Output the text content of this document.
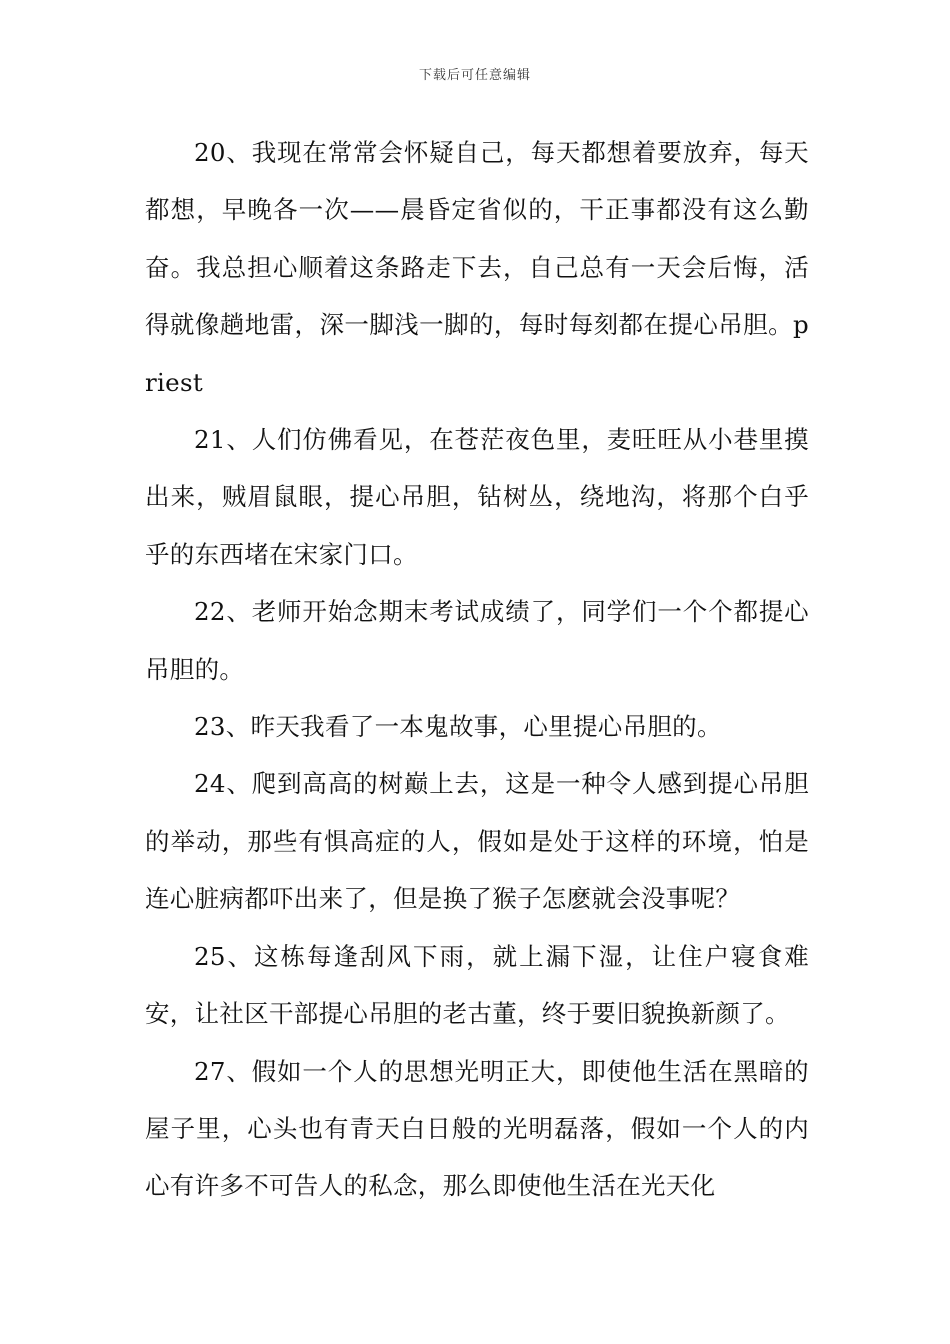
下载后可任意编辑

20、我现在常常会怀疑自己，每天都想着要放弃，每天都想，早晚各一次——晨昏定省似的，干正事都没有这么勤奋。我总担心顺着这条路走下去，自己总有一天会后悔，活得就像趟地雷，深一脚浅一脚的，每时每刻都在提心吊胆。priest

21、人们仿佛看见，在苍茫夜色里，麦旺旺从小巷里摸出来，贼眉鼠眼，提心吊胆，钻树丛，绕地沟，将那个白乎乎的东西堵在宋家门口。

22、老师开始念期末考试成绩了，同学们一个个都提心吊胆的。

23、昨天我看了一本鬼故事，心里提心吊胆的。

24、爬到高高的树巅上去，这是一种令人感到提心吊胆的举动，那些有惧高症的人，假如是处于这样的环境，怕是连心脏病都吓出来了，但是换了猴子怎麽就会没事呢？

25、这栋每逢刮风下雨，就上漏下湿，让住户寝食难安，让社区干部提心吊胆的老古董，终于要旧貌换新颜了。

27、假如一个人的思想光明正大，即使他生活在黑暗的屋子里，心头也有青天白日般的光明磊落，假如一个人的内心有许多不可告人的私念，那么即使他生活在光天化
